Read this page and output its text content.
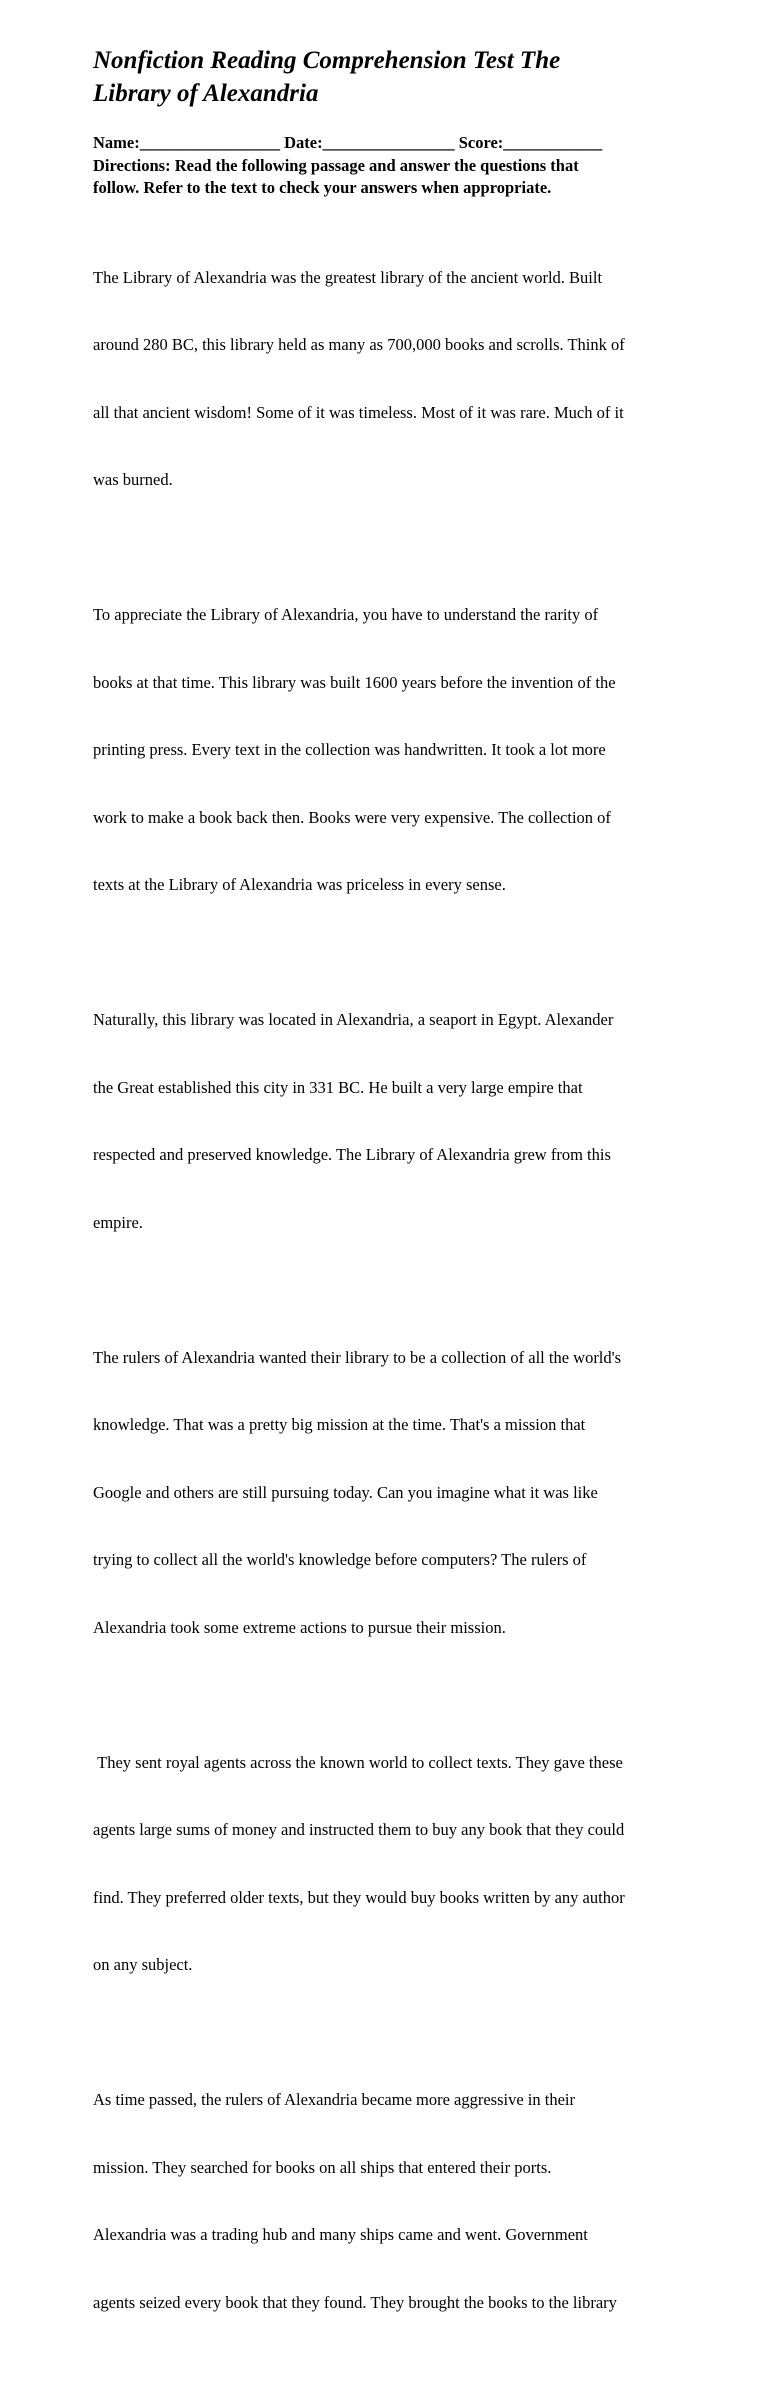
Nonfiction Reading Comprehension Test The
Library of Alexandria
Name:_________________ Date:________________ Score:____________
Directions: Read the following passage and answer the questions that
follow. Refer to the text to check your answers when appropriate.

The Library of Alexandria was the greatest library of the ancient world. Built

around 280 BC, this library held as many as 700,000 books and scrolls. Think of

all that ancient wisdom! Some of it was timeless. Most of it was rare. Much of it

was burned.

To appreciate the Library of Alexandria, you have to understand the rarity of

books at that time. This library was built 1600 years before the invention of the

printing press. Every text in the collection was handwritten. It took a lot more

work to make a book back then. Books were very expensive. The collection of

texts at the Library of Alexandria was priceless in every sense.

Naturally, this library was located in Alexandria, a seaport in Egypt. Alexander

the Great established this city in 331 BC. He built a very large empire that

respected and preserved knowledge. The Library of Alexandria grew from this

empire.

The rulers of Alexandria wanted their library to be a collection of all the world's

knowledge. That was a pretty big mission at the time. That's a mission that

Google and others are still pursuing today. Can you imagine what it was like

trying to collect all the world's knowledge before computers? The rulers of

Alexandria took some extreme actions to pursue their mission.

They sent royal agents across the known world to collect texts. They gave these

agents large sums of money and instructed them to buy any book that they could

find. They preferred older texts, but they would buy books written by any author

on any subject.

As time passed, the rulers of Alexandria became more aggressive in their

mission. They searched for books on all ships that entered their ports.

Alexandria was a trading hub and many ships came and went. Government

agents seized every book that they found. They brought the books to the library
